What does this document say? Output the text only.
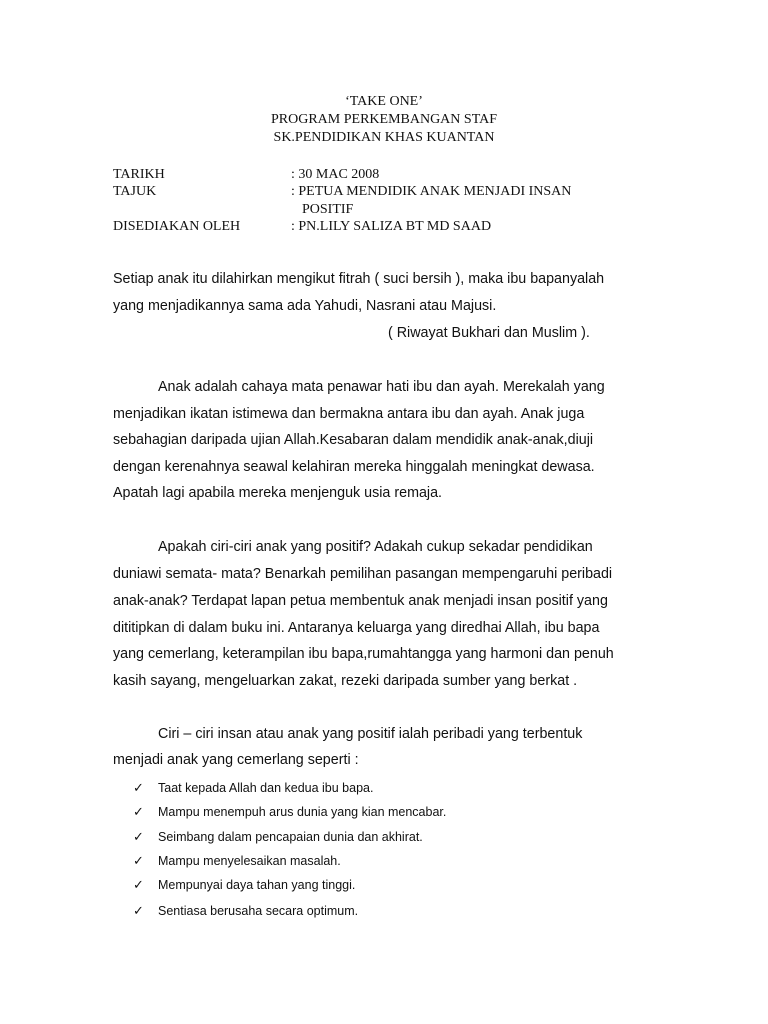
‘TAKE ONE’
PROGRAM PERKEMBANGAN STAF
SK.PENDIDIKAN KHAS KUANTAN
TARIKH	: 30 MAC 2008
TAJUK	: PETUA MENDIDIK ANAK MENJADI INSAN
POSITIF
DISEDIAKAN OLEH	: PN.LILY SALIZA BT MD SAAD
Setiap anak itu dilahirkan mengikut fitrah ( suci bersih ), maka ibu bapanyalah
yang menjadikannya sama ada Yahudi, Nasrani atau Majusi.
( Riwayat Bukhari dan Muslim ).
Anak adalah cahaya mata penawar hati ibu dan ayah. Merekalah yang
menjadikan ikatan istimewa dan bermakna antara ibu dan ayah. Anak juga
sebahagian daripada ujian Allah.Kesabaran dalam mendidik anak-anak,diuji
dengan kerenahnya seawal kelahiran mereka hinggalah meningkat dewasa.
Apatah lagi apabila mereka menjenguk usia remaja.
Apakah ciri-ciri anak yang positif? Adakah cukup sekadar pendidikan
duniawi semata- mata? Benarkah pemilihan pasangan mempengaruhi peribadi
anak-anak? Terdapat lapan petua membentuk anak menjadi insan positif yang
dititipkan di dalam buku ini. Antaranya keluarga yang diredhai Allah, ibu bapa
yang cemerlang, keterampilan ibu bapa,rumahtangga yang harmoni dan penuh
kasih sayang, mengeluarkan zakat, rezeki daripada sumber yang berkat .
Ciri – ciri insan atau anak yang positif ialah peribadi yang terbentuk
menjadi anak yang cemerlang seperti :
✓ Taat kepada Allah dan kedua ibu bapa.
✓ Mampu menempuh arus dunia yang kian mencabar.
✓ Seimbang dalam pencapaian dunia dan akhirat.
✓ Mampu menyelesaikan masalah.
✓ Mempunyai daya tahan yang tinggi.
✓ Sentiasa berusaha secara optimum.
